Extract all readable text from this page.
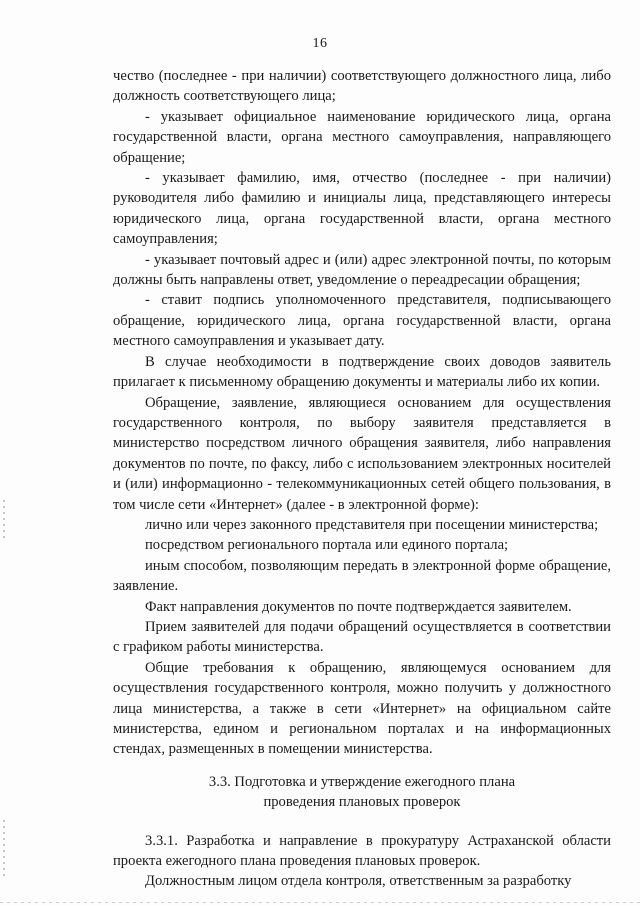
16

чество (последнее - при наличии) соответствующего должностного лица, либо должность соответствующего лица;

- указывает официальное наименование юридического лица, органа государственной власти, органа местного самоуправления, направляющего обращение;

- указывает фамилию, имя, отчество (последнее - при наличии) руководителя либо фамилию и инициалы лица, представляющего интересы юридического лица, органа государственной власти, органа местного самоуправления;

- указывает почтовый адрес и (или) адрес электронной почты, по которым должны быть направлены ответ, уведомление о переадресации обращения;

- ставит подпись уполномоченного представителя, подписывающего обращение, юридического лица, органа государственной власти, органа местного самоуправления и указывает дату.

В случае необходимости в подтверждение своих доводов заявитель прилагает к письменному обращению документы и материалы либо их копии.

Обращение, заявление, являющиеся основанием для осуществления государственного контроля, по выбору заявителя представляется в министерство посредством личного обращения заявителя, либо направления документов по почте, по факсу, либо с использованием электронных носителей и (или) информационно - телекоммуникационных сетей общего пользования, в том числе сети «Интернет» (далее - в электронной форме):

лично или через законного представителя при посещении министерства;

посредством регионального портала или единого портала;

иным способом, позволяющим передать в электронной форме обращение, заявление.

Факт направления документов по почте подтверждается заявителем.

Прием заявителей для подачи обращений осуществляется в соответствии с графиком работы министерства.

Общие требования к обращению, являющемуся основанием для осуществления государственного контроля, можно получить у должностного лица министерства, а также в сети «Интернет» на официальном сайте министерства, едином и региональном порталах и на информационных стендах, размещенных в помещении министерства.

3.3. Подготовка и утверждение ежегодного плана
проведения плановых проверок

3.3.1. Разработка и направление в прокуратуру Астраханской области проекта ежегодного плана проведения плановых проверок.

Должностным лицом отдела контроля, ответственным за разработку
